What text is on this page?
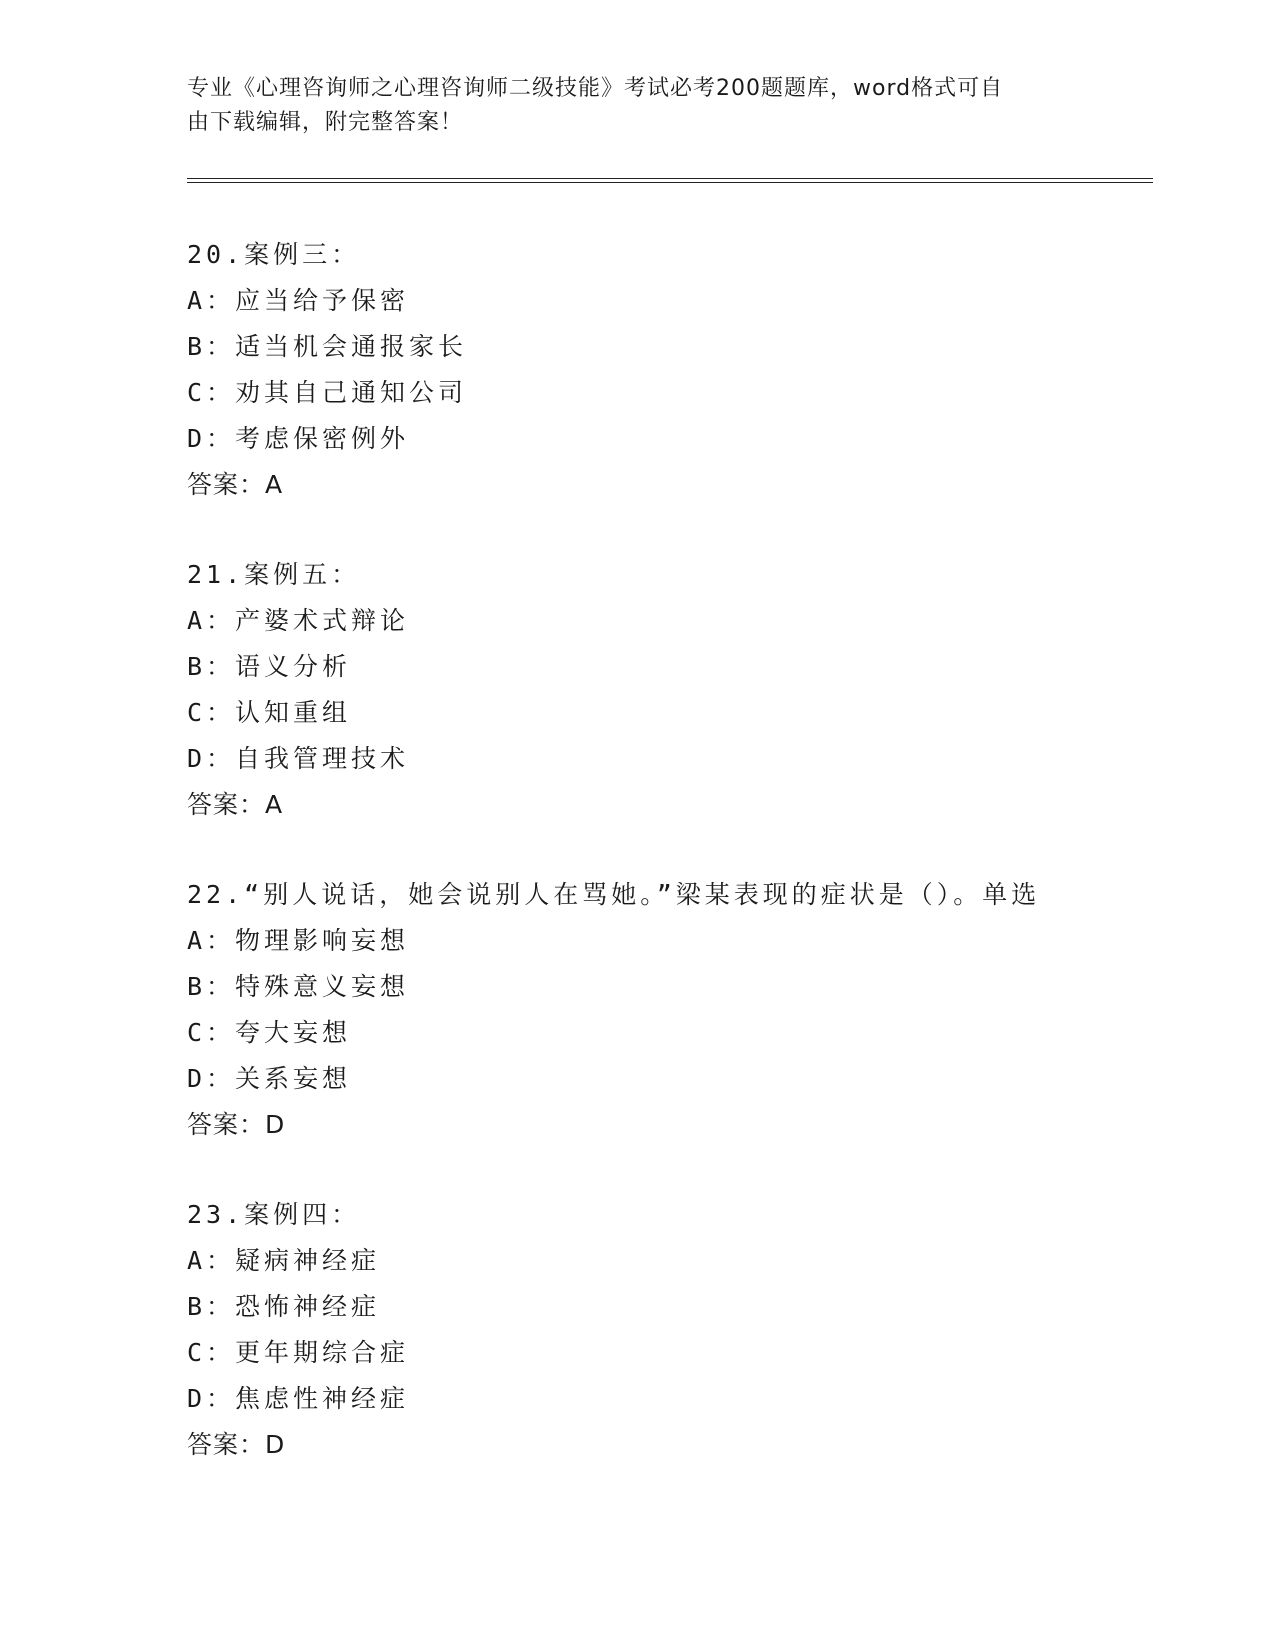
专业《心理咨询师之心理咨询师二级技能》考试必考200题题库，word格式可自
由下载编辑，附完整答案！
20.案例三：
A：应当给予保密
B：适当机会通报家长
C：劝其自己通知公司
D：考虑保密例外
答案：A
21.案例五：
A：产婆术式辩论
B：语义分析
C：认知重组
D：自我管理技术
答案：A
22.“别人说话，她会说别人在骂她。”梁某表现的症状是（）。单选
A：物理影响妄想
B：特殊意义妄想
C：夸大妄想
D：关系妄想
答案：D
23.案例四：
A：疑病神经症
B：恐怖神经症
C：更年期综合症
D：焦虑性神经症
答案：D
